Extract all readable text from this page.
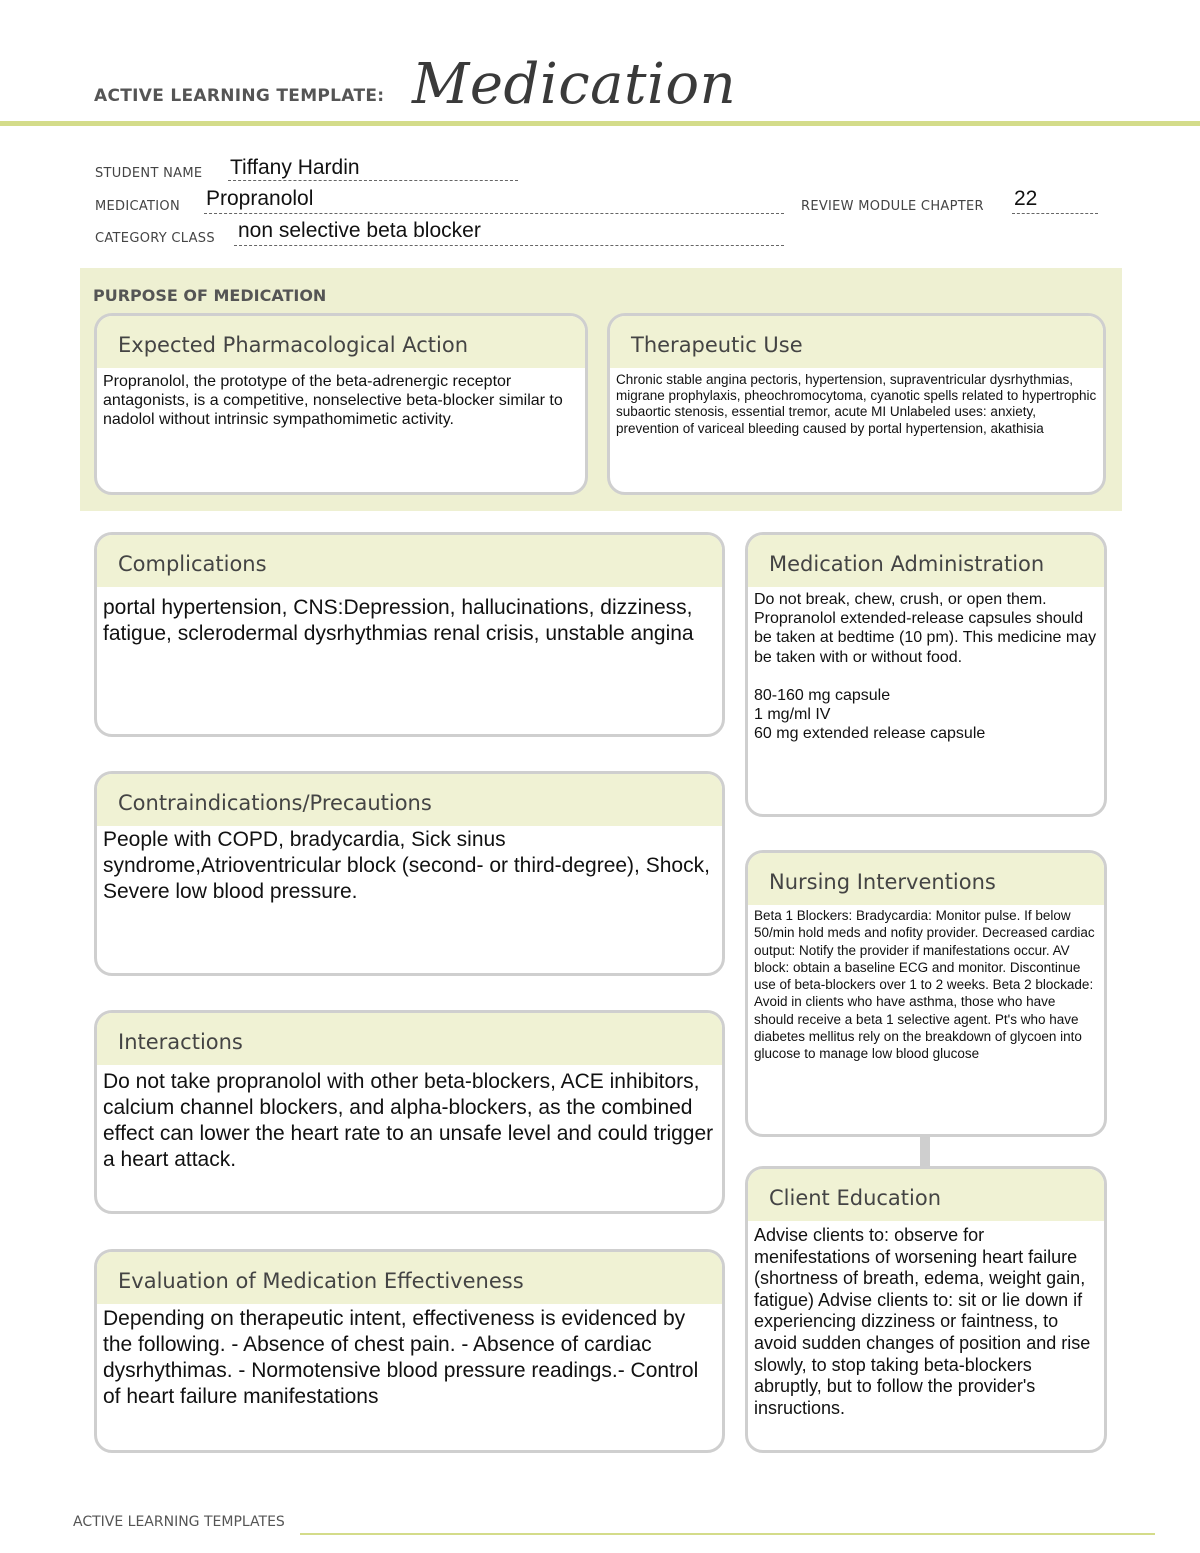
ACTIVE LEARNING TEMPLATE: Medication
STUDENT NAME Tiffany Hardin
MEDICATION Propranolol	REVIEW MODULE CHAPTER 22
CATEGORY CLASS non selective beta blocker
PURPOSE OF MEDICATION
Expected Pharmacological Action
Propranolol, the prototype of the beta-adrenergic receptor antagonists, is a competitive, nonselective beta-blocker similar to nadolol without intrinsic sympathomimetic activity.
Therapeutic Use
Chronic stable angina pectoris, hypertension, supraventricular dysrhythmias, migrane prophylaxis, pheochromocytoma, cyanotic spells related to hypertrophic subaortic stenosis, essential tremor, acute MI Unlabeled uses: anxiety, prevention of variceal bleeding caused by portal hypertension, akathisia
Complications
portal hypertension, CNS:Depression, hallucinations, dizziness, fatigue, sclerodermal dysrhythmias renal crisis, unstable angina
Contraindications/Precautions
People with COPD, bradycardia, Sick sinus syndrome,Atrioventricular block (second- or third-degree), Shock, Severe low blood pressure.
Interactions
Do not take propranolol with other beta-blockers, ACE inhibitors, calcium channel blockers, and alpha-blockers, as the combined effect can lower the heart rate to an unsafe level and could trigger a heart attack.
Evaluation of Medication Effectiveness
Depending on therapeutic intent, effectiveness is evidenced by the following. - Absence of chest pain. - Absence of cardiac dysrhythimas. - Normotensive blood pressure readings.- Control of heart failure manifestations
Medication Administration
Do not break, chew, crush, or open them. Propranolol extended-release capsules should be taken at bedtime (10 pm). This medicine may be taken with or without food.

80-160 mg capsule
1 mg/ml IV
60 mg extended release capsule
Nursing Interventions
Beta 1 Blockers: Bradycardia: Monitor pulse. If below 50/min hold meds and nofity provider. Decreased cardiac output: Notify the provider if manifestations occur. AV block: obtain a baseline ECG and monitor. Discontinue use of beta-blockers over 1 to 2 weeks. Beta 2 blockade: Avoid in clients who have asthma, those who have should receive a beta 1 selective agent. Pt's who have diabetes mellitus rely on the breakdown of glycoen into glucose to manage low blood glucose
Client Education
Advise clients to: observe for menifestations of worsening heart failure (shortness of breath, edema, weight gain, fatigue) Advise clients to: sit or lie down if experiencing dizziness or faintness, to avoid sudden changes of position and rise slowly, to stop taking beta-blockers abruptly, but to follow the provider's insructions.
ACTIVE LEARNING TEMPLATES
